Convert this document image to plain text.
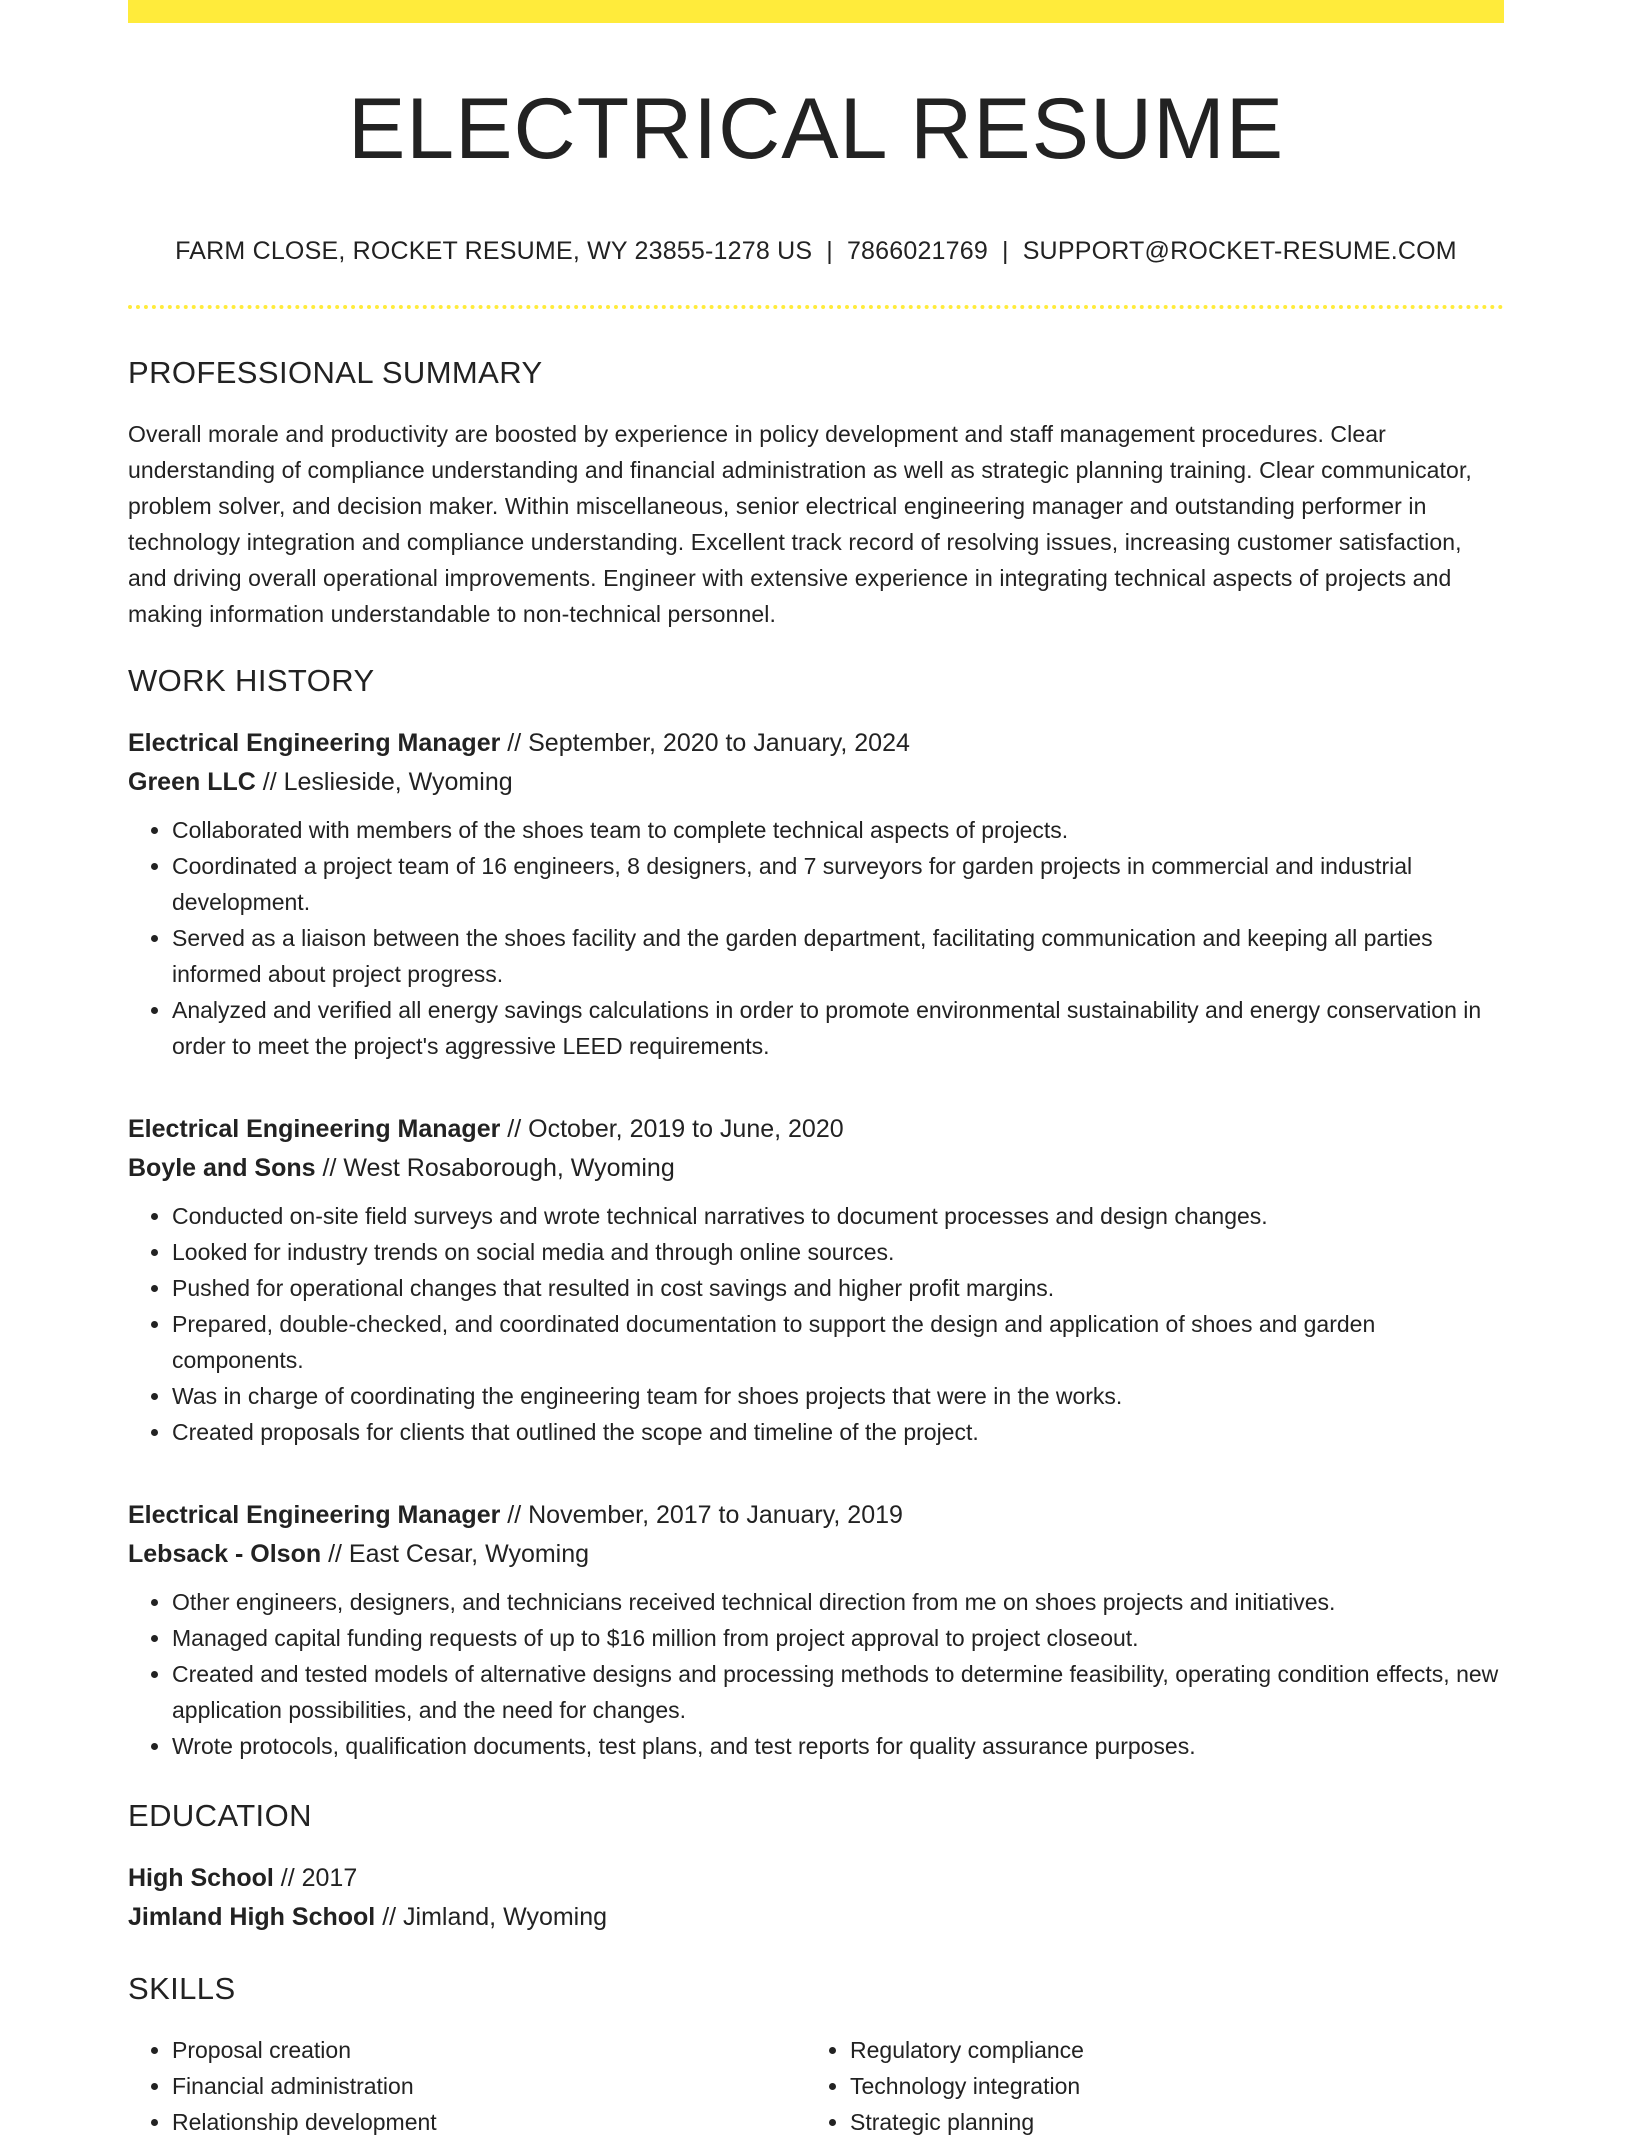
ELECTRICAL RESUME
FARM CLOSE, ROCKET RESUME, WY 23855-1278 US | 7866021769 | SUPPORT@ROCKET-RESUME.COM
PROFESSIONAL SUMMARY
Overall morale and productivity are boosted by experience in policy development and staff management procedures. Clear understanding of compliance understanding and financial administration as well as strategic planning training. Clear communicator, problem solver, and decision maker. Within miscellaneous, senior electrical engineering manager and outstanding performer in technology integration and compliance understanding. Excellent track record of resolving issues, increasing customer satisfaction, and driving overall operational improvements. Engineer with extensive experience in integrating technical aspects of projects and making information understandable to non-technical personnel.
WORK HISTORY
Electrical Engineering Manager // September, 2020 to January, 2024
Green LLC // Leslieside, Wyoming
• Collaborated with members of the shoes team to complete technical aspects of projects.
• Coordinated a project team of 16 engineers, 8 designers, and 7 surveyors for garden projects in commercial and industrial development.
• Served as a liaison between the shoes facility and the garden department, facilitating communication and keeping all parties informed about project progress.
• Analyzed and verified all energy savings calculations in order to promote environmental sustainability and energy conservation in order to meet the project's aggressive LEED requirements.
Electrical Engineering Manager // October, 2019 to June, 2020
Boyle and Sons // West Rosaborough, Wyoming
• Conducted on-site field surveys and wrote technical narratives to document processes and design changes.
• Looked for industry trends on social media and through online sources.
• Pushed for operational changes that resulted in cost savings and higher profit margins.
• Prepared, double-checked, and coordinated documentation to support the design and application of shoes and garden components.
• Was in charge of coordinating the engineering team for shoes projects that were in the works.
• Created proposals for clients that outlined the scope and timeline of the project.
Electrical Engineering Manager // November, 2017 to January, 2019
Lebsack - Olson // East Cesar, Wyoming
• Other engineers, designers, and technicians received technical direction from me on shoes projects and initiatives.
• Managed capital funding requests of up to $16 million from project approval to project closeout.
• Created and tested models of alternative designs and processing methods to determine feasibility, operating condition effects, new application possibilities, and the need for changes.
• Wrote protocols, qualification documents, test plans, and test reports for quality assurance purposes.
EDUCATION
High School // 2017
Jimland High School // Jimland, Wyoming
SKILLS
• Proposal creation
• Financial administration
• Relationship development
• Regulatory compliance
• Technology integration
• Strategic planning
